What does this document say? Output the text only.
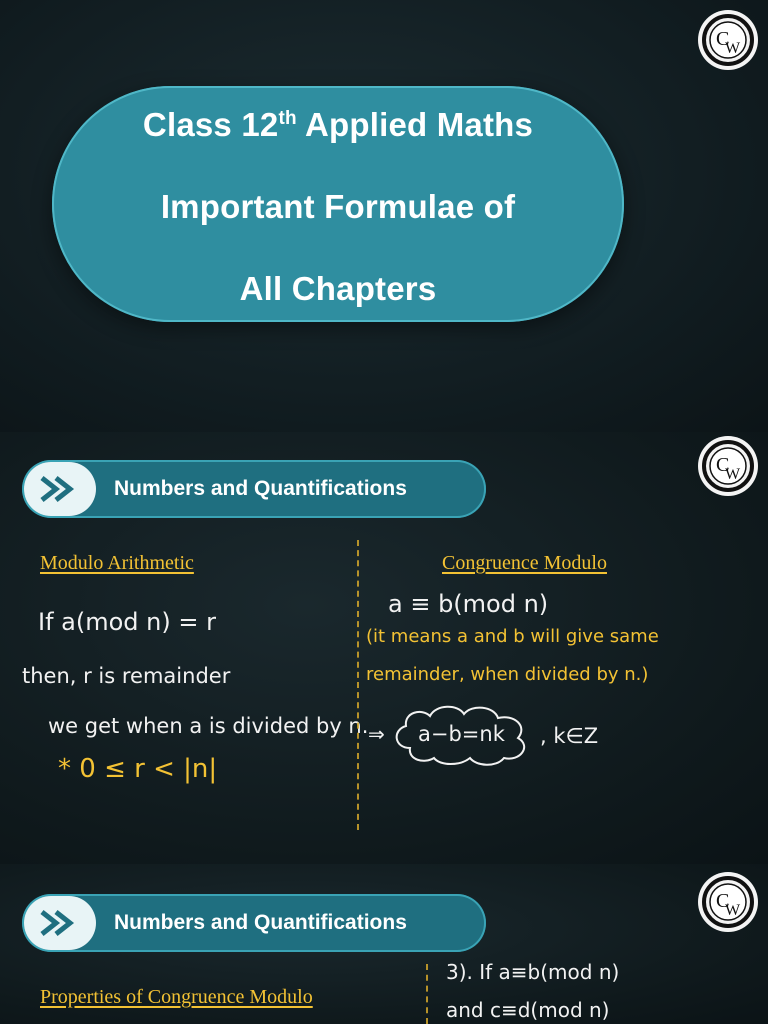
C
W
Class 12th Applied Maths
Important Formulae of
All Chapters
C
W
Numbers and Quantifications
Modulo Arithmetic
If a(mod n) = r
then, r is remainder
we get when a is divided by n.
* 0 ≤ r < |n|
Congruence Modulo
a ≡ b(mod n)
(it means a and b will give same
remainder, when divided by n.)
⇒ a−b=nk , k∈Z
C
W
Numbers and Quantifications
Properties of Congruence Modulo
3). If a≡b(mod n)
and c≡d(mod n)
